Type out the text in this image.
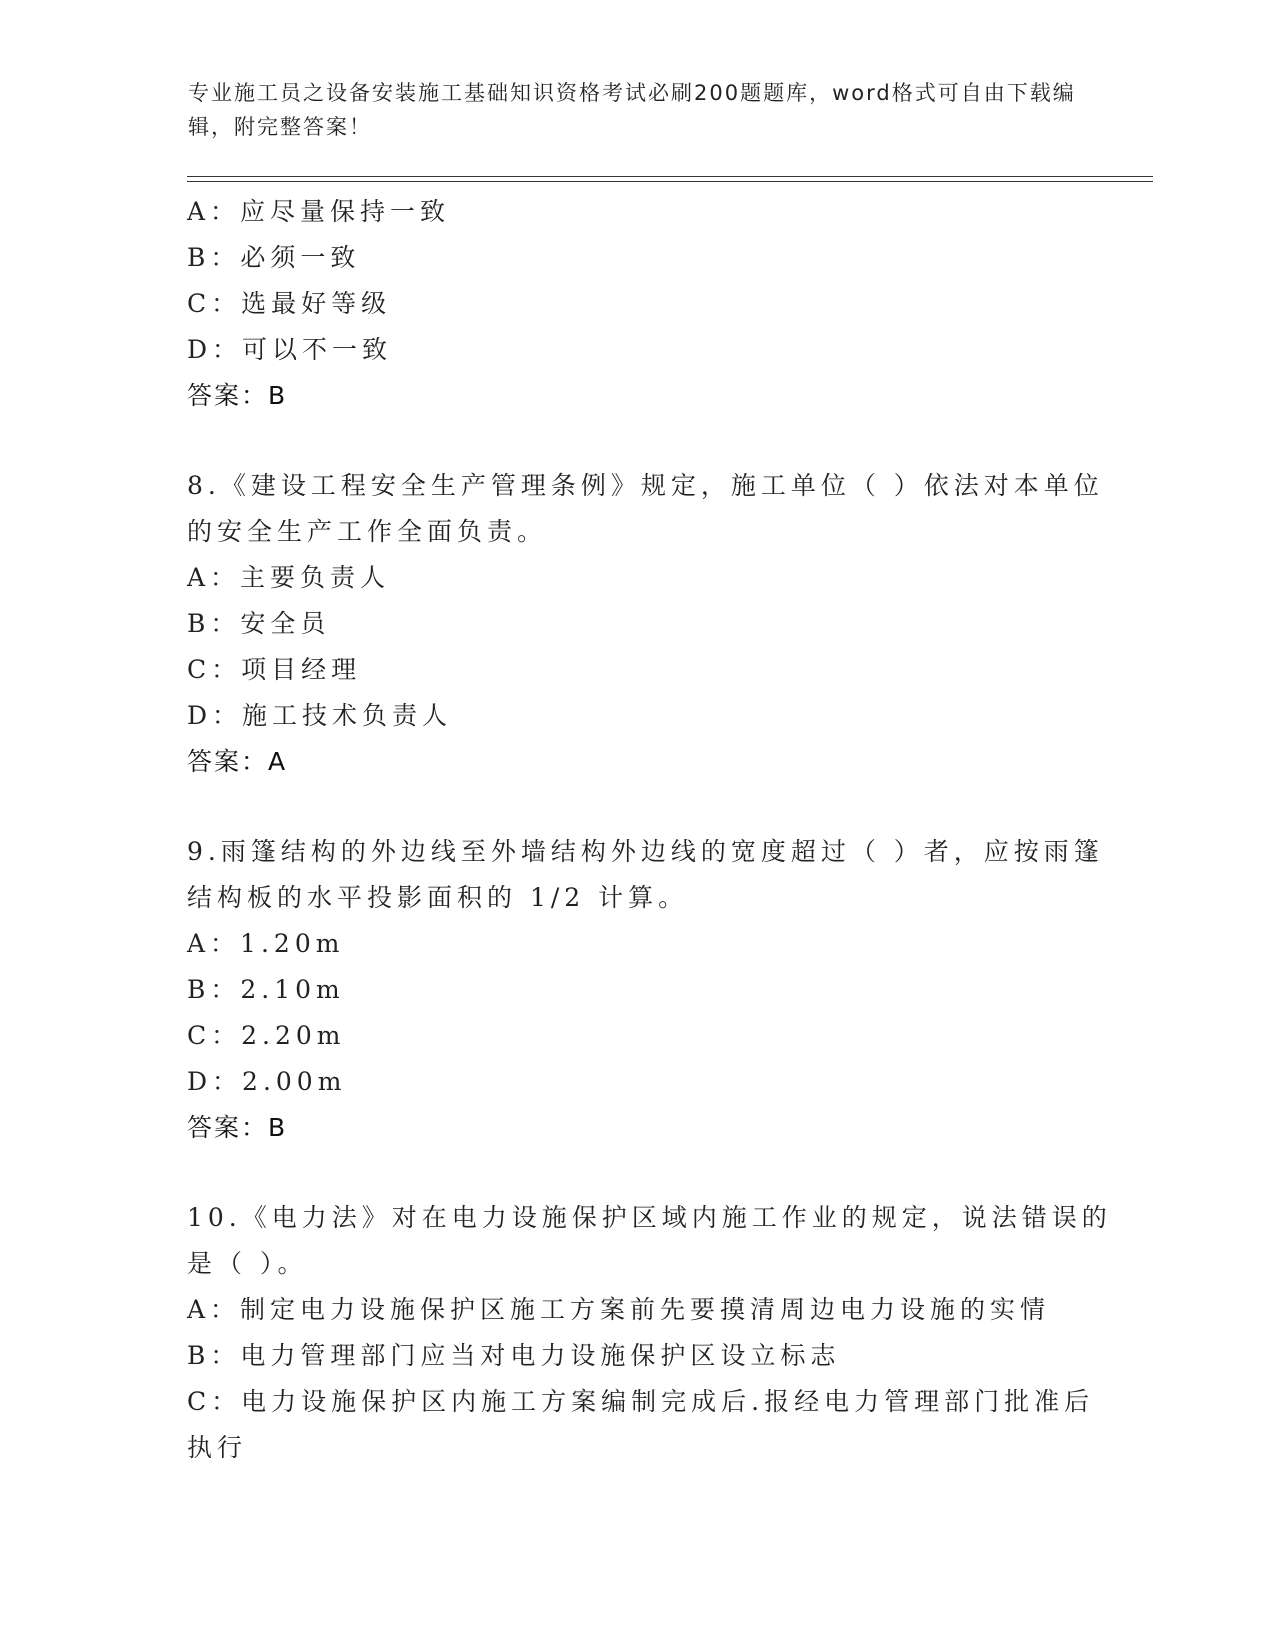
专业施工员之设备安装施工基础知识资格考试必刷200题题库，word格式可自由下载编辑，附完整答案！
A：应尽量保持一致
B：必须一致
C：选最好等级
D：可以不一致
答案：B
8.《建设工程安全生产管理条例》规定，施工单位（ ）依法对本单位
的安全生产工作全面负责。
A：主要负责人
B：安全员
C：项目经理
D：施工技术负责人
答案：A
9.雨篷结构的外边线至外墙结构外边线的宽度超过（ ）者，应按雨篷
结构板的水平投影面积的 1/2 计算。
A：1.20m
B：2.10m
C：2.20m
D：2.00m
答案：B
10.《电力法》对在电力设施保护区域内施工作业的规定，说法错误的
是（ ）。
A：制定电力设施保护区施工方案前先要摸清周边电力设施的实情
B：电力管理部门应当对电力设施保护区设立标志
C：电力设施保护区内施工方案编制完成后.报经电力管理部门批准后
执行
